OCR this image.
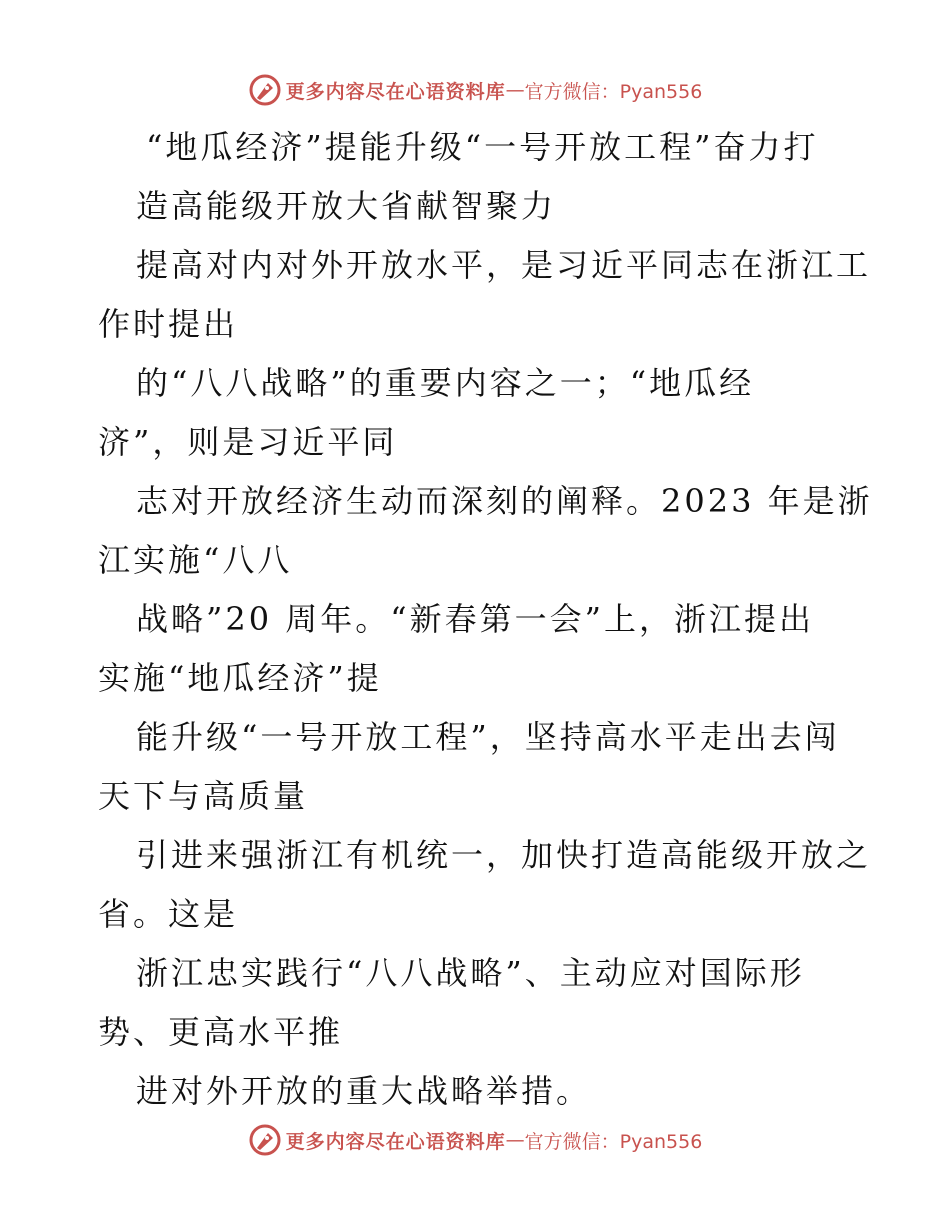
更多内容尽在心语资料库 — 官方微信：Pyan556
“地瓜经济”提能升级“一号开放工程”奋力打
造高能级开放大省献智聚力
提高对内对外开放水平，是习近平同志在浙江工
作时提出
的“八八战略”的重要内容之一；“地瓜经
济”，则是习近平同
志对开放经济生动而深刻的阐释。2023 年是浙
江实施“八八
战略”20 周年。“新春第一会”上，浙江提出
实施“地瓜经济”提
能升级“一号开放工程”，坚持高水平走出去闯
天下与高质量
引进来强浙江有机统一，加快打造高能级开放之
省。这是
浙江忠实践行“八八战略”、主动应对国际形
势、更高水平推
进对外开放的重大战略举措。
更多内容尽在心语资料库 — 官方微信：Pyan556
